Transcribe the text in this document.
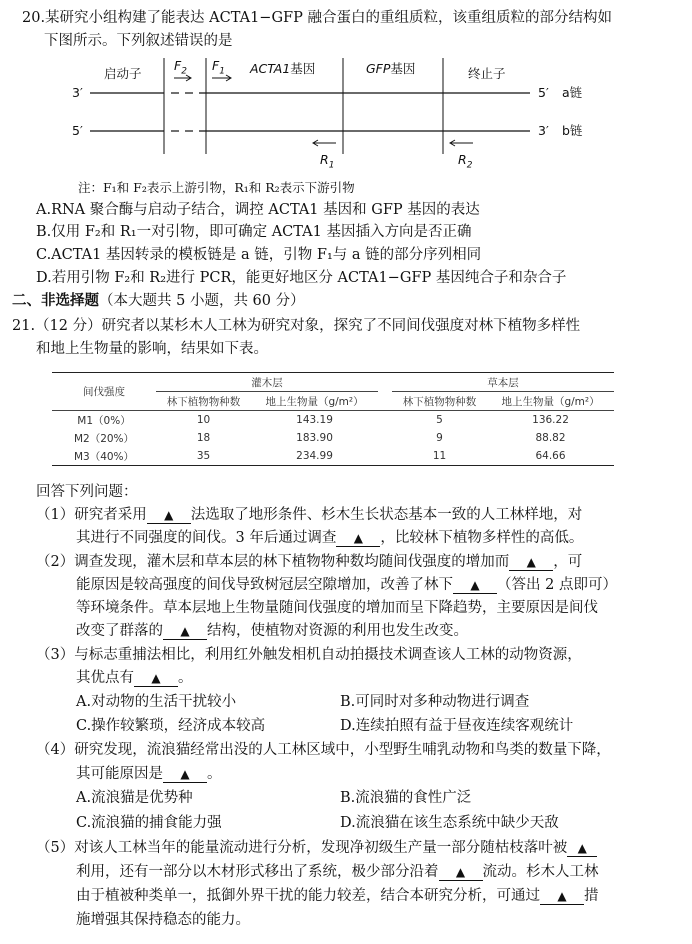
20.某研究小组构建了能表达 ACTA1−GFP 融合蛋白的重组质粒，该重组质粒的部分结构如
下图所示。下列叙述错误的是
启动子
$F_2$ $F_1$ ACTA1基因	GFP基因	终止子
3′
5′
5′
3′
a链
b链
$R_1$	$R_2$
注：F₁和 F₂表示上游引物，R₁和 R₂表示下游引物
A.RNA 聚合酶与启动子结合，调控 ACTA1 基因和 GFP 基因的表达
B.仅用 F₂和 R₁一对引物，即可确定 ACTA1 基因插入方向是否正确
C.ACTA1 基因转录的模板链是 a 链，引物 F₁与 a 链的部分序列相同
D.若用引物 F₂和 R₂进行 PCR，能更好地区分 ACTA1−GFP 基因纯合子和杂合子
二、非选择题（本大题共 5 小题，共 60 分）
21.（12 分）研究者以某杉木人工林为研究对象，探究了不同间伐强度对林下植物多样性
和地上生物量的影响，结果如下表。
间伐强度	灌木层			草本层	
	林下植物物种数	地上生物量（g/m²）		林下植物物种数	地上生物量（g/m²）
M1（0%）	10	143.19		5	136.22
M2（20%）	18	183.90		9	88.82
M3（40%）	35	234.99		11	64.66
回答下列问题：
（1）研究者采用 ▲ 法选取了地形条件、杉木生长状态基本一致的人工林样地，对
其进行不同强度的间伐。3 年后通过调查 ▲ ，比较林下植物多样性的高低。
（2）调查发现，灌木层和草本层的林下植物物种数均随间伐强度的增加而 ▲ ，可
能原因是较高强度的间伐导致树冠层空隙增加，改善了林下 ▲ （答出 2 点即可）
等环境条件。草本层地上生物量随间伐强度的增加而呈下降趋势，主要原因是间伐
改变了群落的 ▲ 结构，使植物对资源的利用也发生改变。
（3）与标志重捕法相比，利用红外触发相机自动拍摄技术调查该人工林的动物资源，
其优点有 ▲ 。
A.对动物的生活干扰较小	B.可同时对多种动物进行调查
C.操作较繁琐，经济成本较高	D.连续拍照有益于昼夜连续客观统计
（4）研究发现，流浪猫经常出没的人工林区域中，小型野生哺乳动物和鸟类的数量下降，
其可能原因是 ▲ 。
A.流浪猫是优势种	B.流浪猫的食性广泛
C.流浪猫的捕食能力强	D.流浪猫在该生态系统中缺少天敌
（5）对该人工林当年的能量流动进行分析，发现净初级生产量一部分随枯枝落叶被 ▲
利用，还有一部分以木材形式移出了系统，极少部分沿着 ▲ 流动。杉木人工林
由于植被种类单一，抵御外界干扰的能力较差，结合本研究分析，可通过 ▲ 措
施增强其保持稳态的能力。
